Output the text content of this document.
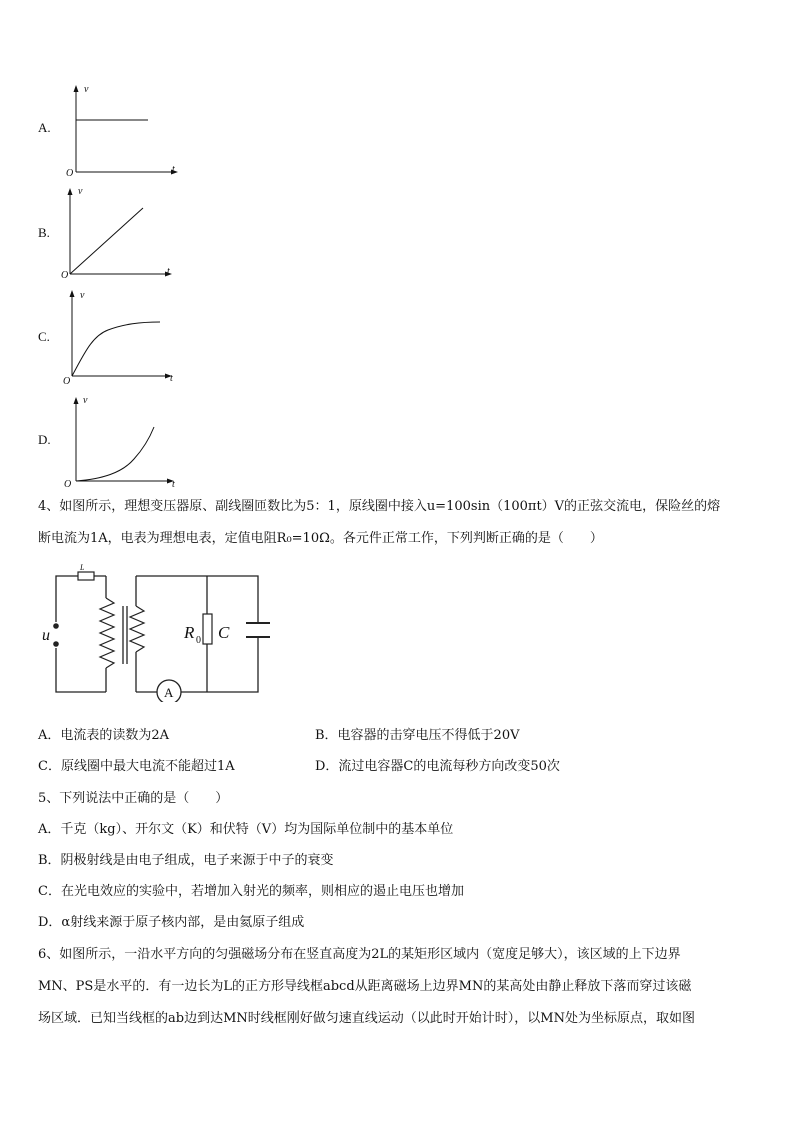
A.
v
O	t
B.
v
O	t
C.
v
O	t
D.
v
O	t
4、如图所示，理想变压器原、副线圈匝数比为5：1，原线圈中接入u=100sin（100πt）V的正弦交流电，保险丝的熔
断电流为1A，电表为理想电表，定值电阻R₀=10Ω。各元件正常工作，下列判断正确的是（　　）
L
u
A
R 0 C
A．电流表的读数为2A	B．电容器的击穿电压不得低于20V
C．原线圈中最大电流不能超过1A	D．流过电容器C的电流每秒方向改变50次
5、下列说法中正确的是（　　）
A．千克（kg）、开尔文（K）和伏特（V）均为国际单位制中的基本单位
B．阴极射线是由电子组成，电子来源于中子的衰变
C．在光电效应的实验中，若增加入射光的频率，则相应的遏止电压也增加
D．α射线来源于原子核内部，是由氦原子组成
6、如图所示，一沿水平方向的匀强磁场分布在竖直高度为2L的某矩形区域内（宽度足够大），该区域的上下边界
MN、PS是水平的．有一边长为L的正方形导线框abcd从距离磁场上边界MN的某高处由静止释放下落而穿过该磁
场区域．已知当线框的ab边到达MN时线框刚好做匀速直线运动（以此时开始计时），以MN处为坐标原点，取如图
